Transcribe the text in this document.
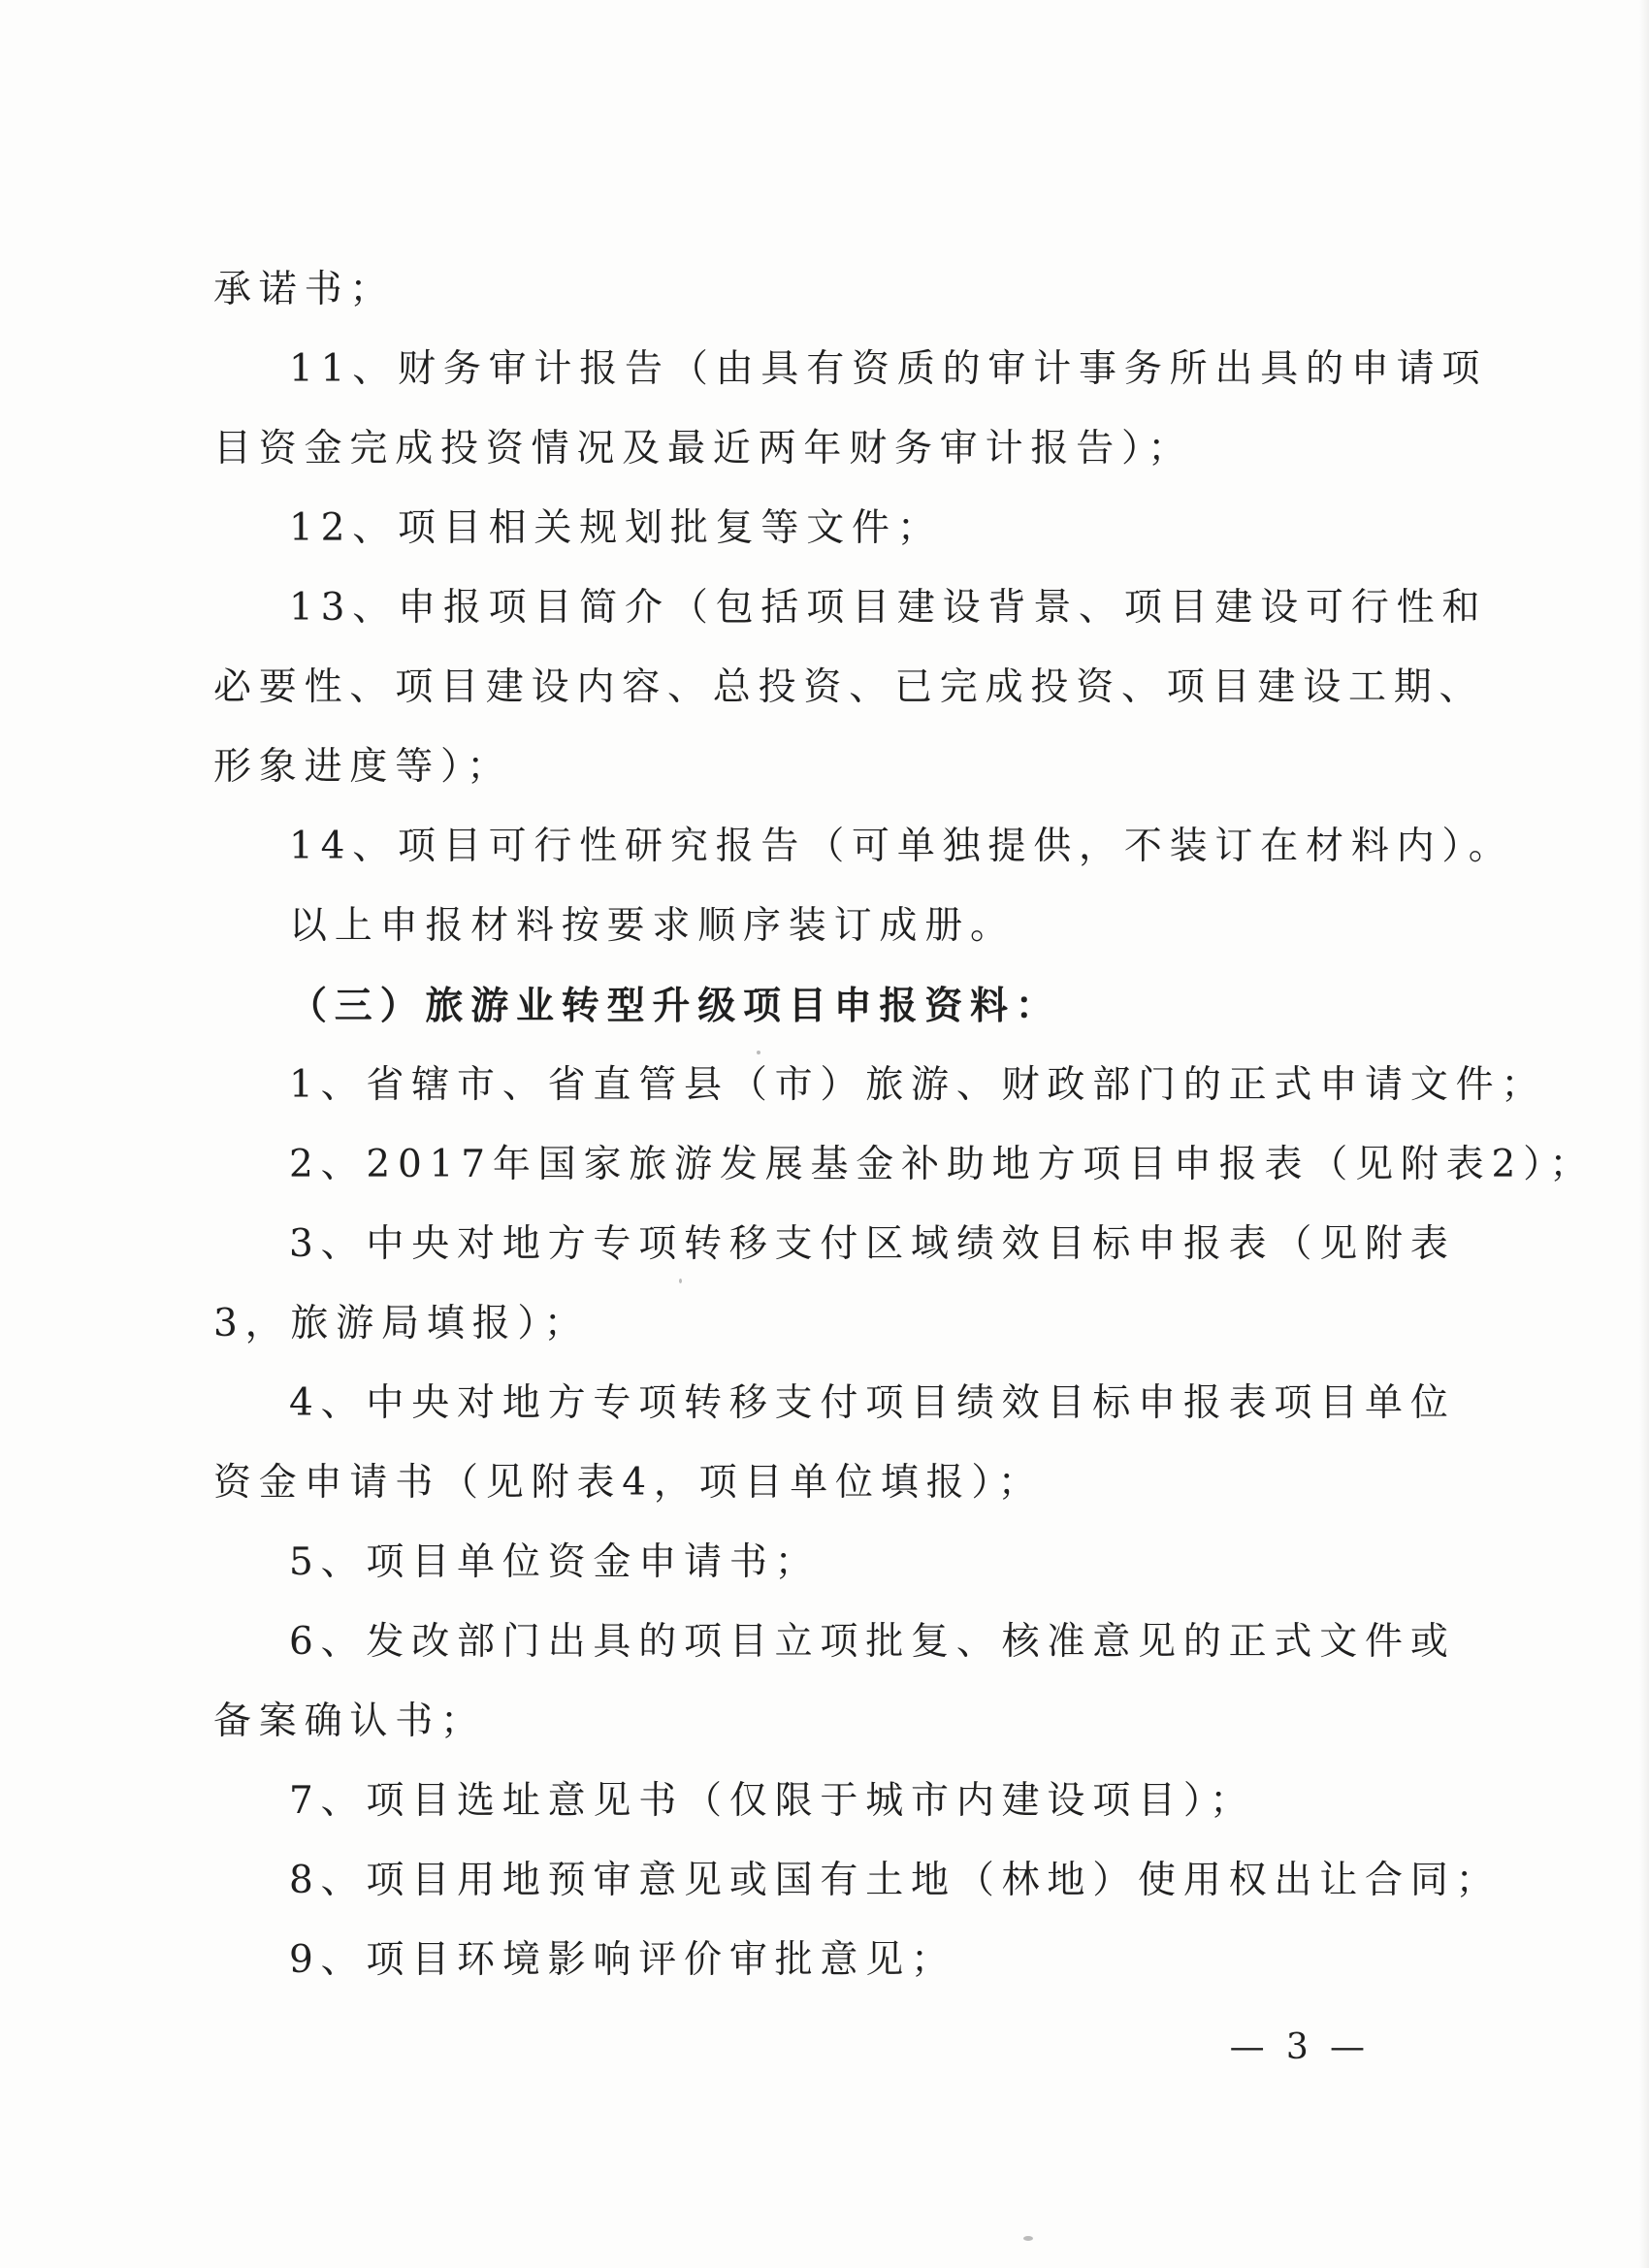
承诺书；

11、财务审计报告（由具有资质的审计事务所出具的申请项

目资金完成投资情况及最近两年财务审计报告）；

12、项目相关规划批复等文件；

13、申报项目简介（包括项目建设背景、项目建设可行性和

必要性、项目建设内容、总投资、已完成投资、项目建设工期、

形象进度等）；

14、项目可行性研究报告（可单独提供，不装订在材料内）。

以上申报材料按要求顺序装订成册。

（三）旅游业转型升级项目申报资料：

1、省辖市、省直管县（市）旅游、财政部门的正式申请文件；

2、2017年国家旅游发展基金补助地方项目申报表（见附表2）；

3、中央对地方专项转移支付区域绩效目标申报表（见附表

3，旅游局填报）；

4、中央对地方专项转移支付项目绩效目标申报表项目单位

资金申请书（见附表4，项目单位填报）；

5、项目单位资金申请书；

6、发改部门出具的项目立项批复、核准意见的正式文件或

备案确认书；

7、项目选址意见书（仅限于城市内建设项目）；

8、项目用地预审意见或国有土地（林地）使用权出让合同；

9、项目环境影响评价审批意见；

— 3 —
